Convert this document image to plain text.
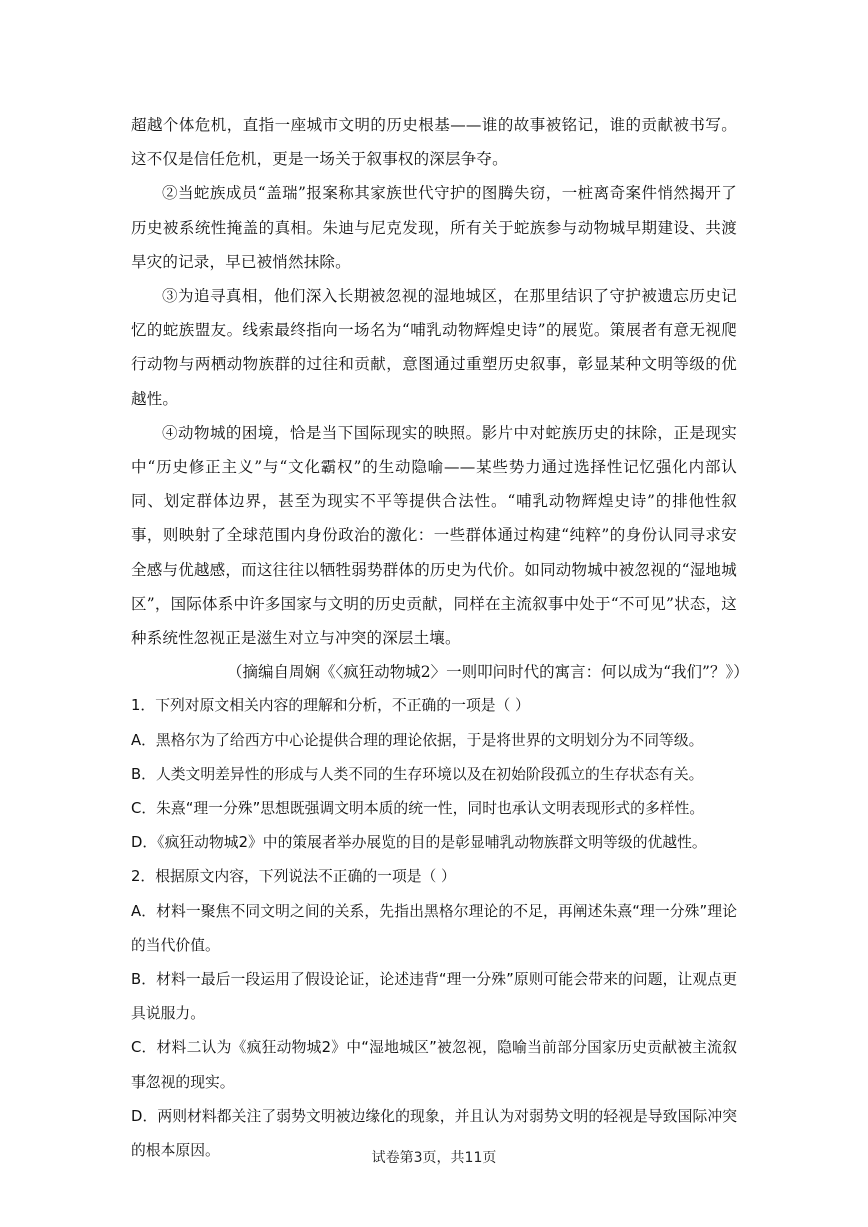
超越个体危机，直指一座城市文明的历史根基——谁的故事被铭记，谁的贡献被书写。这不仅是信任危机，更是一场关于叙事权的深层争夺。

②当蛇族成员“盖瑞”报案称其家族世代守护的图腾失窃，一桩离奇案件悄然揭开了历史被系统性掩盖的真相。朱迪与尼克发现，所有关于蛇族参与动物城早期建设、共渡旱灾的记录，早已被悄然抹除。

③为追寻真相，他们深入长期被忽视的湿地城区，在那里结识了守护被遗忘历史记忆的蛇族盟友。线索最终指向一场名为“哺乳动物辉煌史诗”的展览。策展者有意无视爬行动物与两栖动物族群的过往和贡献，意图通过重塑历史叙事，彰显某种文明等级的优越性。

④动物城的困境，恰是当下国际现实的映照。影片中对蛇族历史的抹除，正是现实中“历史修正主义”与“文化霸权”的生动隐喻——某些势力通过选择性记忆强化内部认同、划定群体边界，甚至为现实不平等提供合法性。“哺乳动物辉煌史诗”的排他性叙事，则映射了全球范围内身份政治的激化：一些群体通过构建“纯粹”的身份认同寻求安全感与优越感，而这往往以牺牲弱势群体的历史为代价。如同动物城中被忽视的“湿地城区”，国际体系中许多国家与文明的历史贡献，同样在主流叙事中处于“不可见”状态，这种系统性忽视正是滋生对立与冲突的深层土壤。

（摘编自周娴《〈疯狂动物城2〉一则叩问时代的寓言：何以成为“我们”？》）

1．下列对原文相关内容的理解和分析，不正确的一项是（ ）

A．黑格尔为了给西方中心论提供合理的理论依据，于是将世界的文明划分为不同等级。

B．人类文明差异性的形成与人类不同的生存环境以及在初始阶段孤立的生存状态有关。

C．朱熹“理一分殊”思想既强调文明本质的统一性，同时也承认文明表现形式的多样性。

D．《疯狂动物城2》中的策展者举办展览的目的是彰显哺乳动物族群文明等级的优越性。

2．根据原文内容，下列说法不正确的一项是（ ）

A．材料一聚焦不同文明之间的关系，先指出黑格尔理论的不足，再阐述朱熹“理一分殊”理论的当代价值。

B．材料一最后一段运用了假设论证，论述违背“理一分殊”原则可能会带来的问题，让观点更具说服力。

C．材料二认为《疯狂动物城2》中“湿地城区”被忽视，隐喻当前部分国家历史贡献被主流叙事忽视的现实。

D．两则材料都关注了弱势文明被边缘化的现象，并且认为对弱势文明的轻视是导致国际冲突的根本原因。	试卷第3页，共11页
